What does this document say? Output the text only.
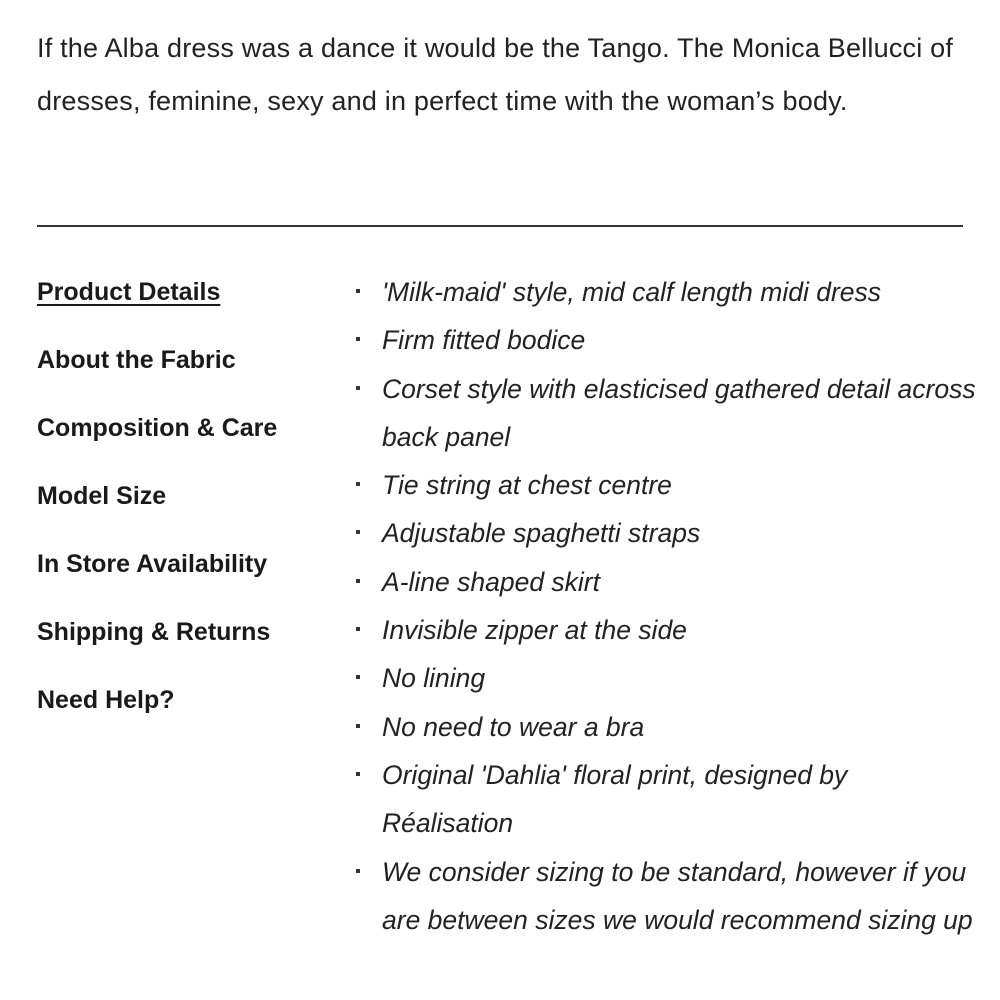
If the Alba dress was a dance it would be the Tango. The Monica Bellucci of dresses, feminine, sexy and in perfect time with the woman’s body.

Product Details
About the Fabric
Composition & Care
Model Size
In Store Availability
Shipping & Returns
Need Help?
'Milk-maid' style, mid calf length midi dress
Firm fitted bodice
Corset style with elasticised gathered detail across back panel
Tie string at chest centre
Adjustable spaghetti straps
A-line shaped skirt
Invisible zipper at the side
No lining
No need to wear a bra
Original 'Dahlia' floral print, designed by Réalisation
We consider sizing to be standard, however if you are between sizes we would recommend sizing up
